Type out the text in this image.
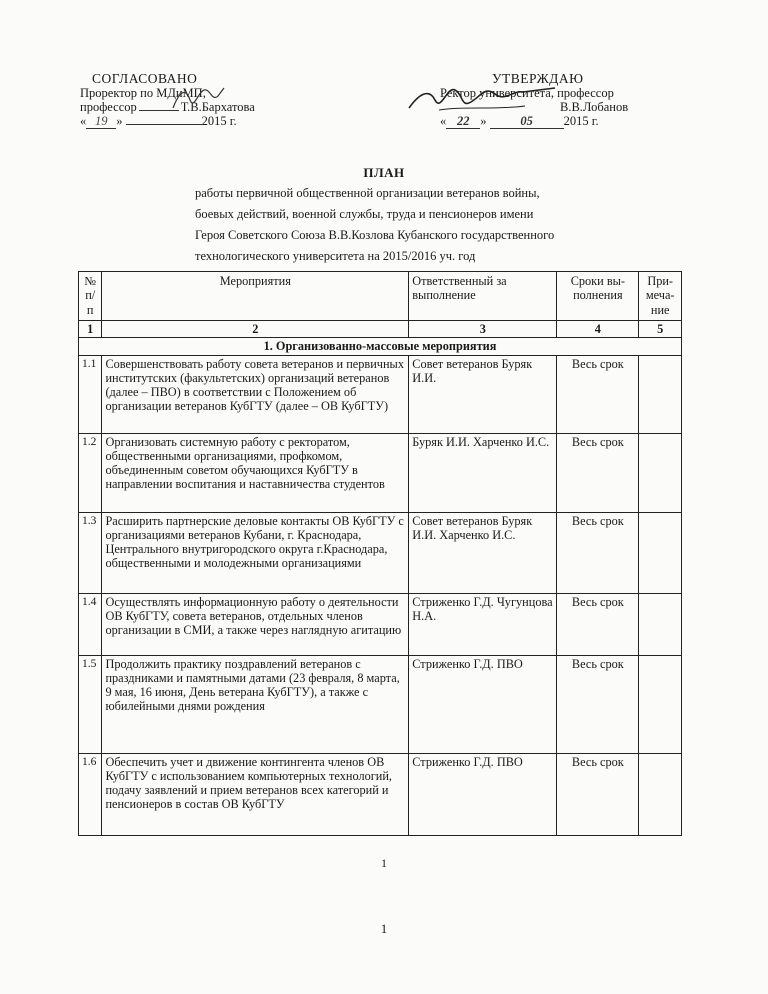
СОГЛАСОВАНО
Проректор по МДиМП,
профессор	Т.В.Бархатова
« 19 »	2015 г.
УТВЕРЖДАЮ
Ректор университета, профессор
В.В.Лобанов
« 22 » 05 2015 г.
ПЛАН
работы первичной общественной организации ветеранов войны,
боевых действий, военной службы, труда и пенсионеров имени
Героя Советского Союза В.В.Козлова Кубанского государственного
технологического университета на 2015/2016 уч. год
№ п/п	Мероприятия	Ответственный за выполнение	Сроки вы-полнения	При-меча-ние
1	2	3	4	5
1. Организованно-массовые мероприятия				
1.1	Совершенствовать работу совета ветеранов и первичных институтских (факультетских) организаций ветеранов (далее – ПВО) в соответствии с Положением об организации ветеранов КубГТУ (далее – ОВ КубГТУ)	Совет ветеранов Буряк И.И.	Весь срок	
1.2	Организовать системную работу с ректоратом, общественными организациями, профкомом, объединенным советом обучающихся КубГТУ в направлении воспитания и наставничества студентов	Буряк И.И. Харченко И.С.	Весь срок	
1.3	Расширить партнерские деловые контакты ОВ КубГТУ с организациями ветеранов Кубани, г. Краснодара, Центрального внутригородского округа г.Краснодара, общественными и молодежными организациями	Совет ветеранов Буряк И.И. Харченко И.С.	Весь срок	
1.4	Осуществлять информационную работу о деятельности ОВ КубГТУ, совета ветеранов, отдельных членов организации в СМИ, а также через наглядную агитацию	Стриженко Г.Д. Чугунцова Н.А.	Весь срок	
1.5	Продолжить практику поздравлений ветеранов с праздниками и памятными датами (23 февраля, 8 марта, 9 мая, 16 июня, День ветерана КубГТУ), а также с юбилейными днями рождения	Стриженко Г.Д. ПВО	Весь срок	
1.6	Обеспечить учет и движение контингента членов ОВ КубГТУ с использованием компьютерных технологий, подачу заявлений и прием ветеранов всех категорий и пенсионеров в состав ОВ КубГТУ	Стриженко Г.Д. ПВО	Весь срок	
1
1
